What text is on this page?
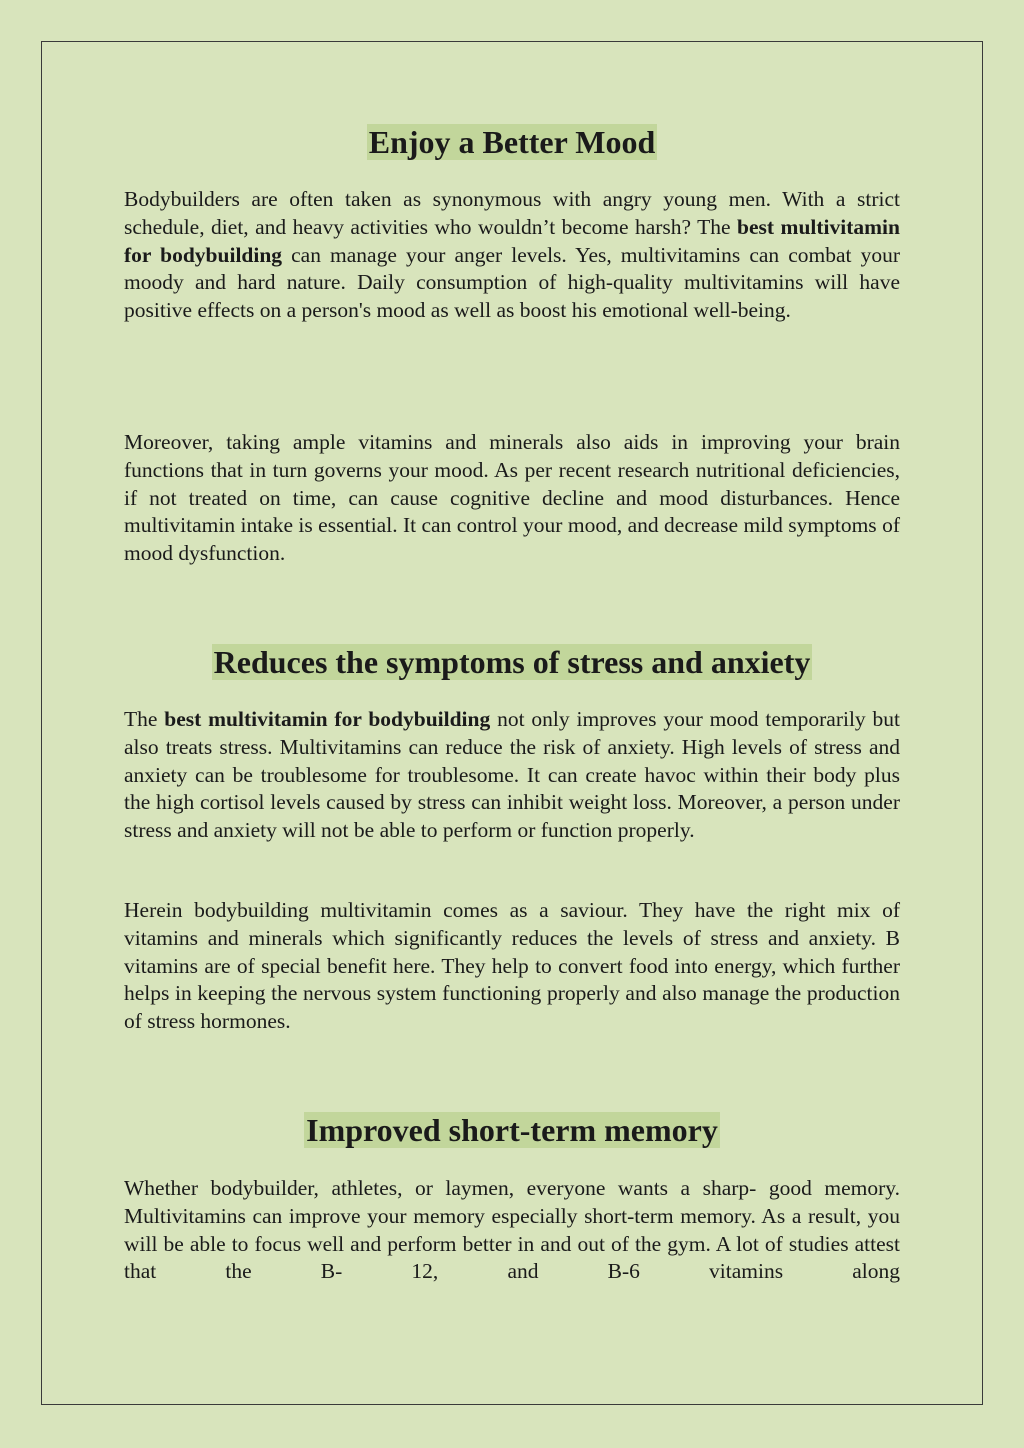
Enjoy a Better Mood

Bodybuilders are often taken as synonymous with angry young men. With a strict schedule, diet, and heavy activities who wouldn’t become harsh? The best multivitamin for bodybuilding can manage your anger levels. Yes, multivitamins can combat your moody and hard nature. Daily consumption of high-quality multivitamins will have positive effects on a person's mood as well as boost his emotional well-being.

Moreover, taking ample vitamins and minerals also aids in improving your brain functions that in turn governs your mood. As per recent research nutritional deficiencies, if not treated on time, can cause cognitive decline and mood disturbances. Hence multivitamin intake is essential. It can control your mood, and decrease mild symptoms of mood dysfunction.

Reduces the symptoms of stress and anxiety

The best multivitamin for bodybuilding not only improves your mood temporarily but also treats stress. Multivitamins can reduce the risk of anxiety. High levels of stress and anxiety can be troublesome for troublesome. It can create havoc within their body plus the high cortisol levels caused by stress can inhibit weight loss. Moreover, a person under stress and anxiety will not be able to perform or function properly.

Herein bodybuilding multivitamin comes as a saviour. They have the right mix of vitamins and minerals which significantly reduces the levels of stress and anxiety. B vitamins are of special benefit here. They help to convert food into energy, which further helps in keeping the nervous system functioning properly and also manage the production of stress hormones.

Improved short-term memory

Whether bodybuilder, athletes, or laymen, everyone wants a sharp- good memory. Multivitamins can improve your memory especially short-term memory. As a result, you will be able to focus well and perform better in and out of the gym. A lot of studies attest that the B- 12, and B-6 vitamins along
